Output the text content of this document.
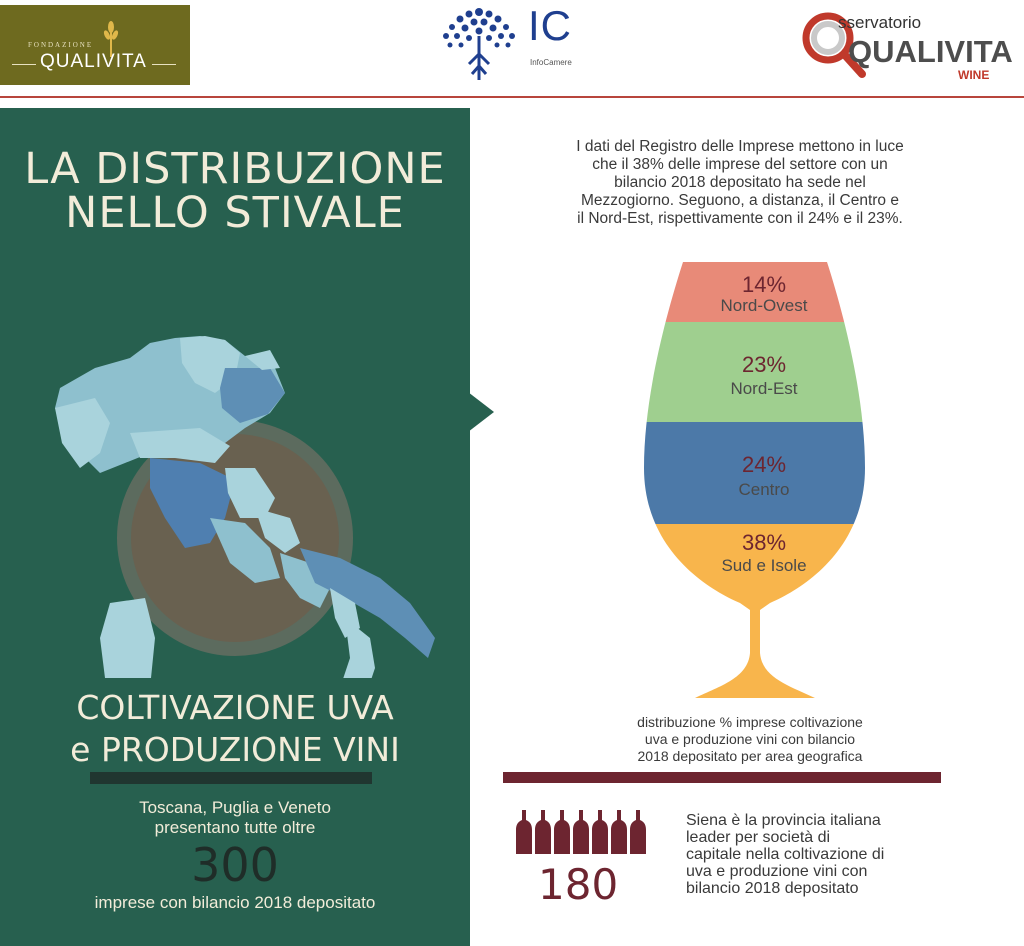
FONDAZIONE
QUALIVITA
IC
InfoCamere
sservatorio
QUALIVITA
WINE
LA DISTRIBUZIONE
NELLO STIVALE
COLTIVAZIONE UVA
e PRODUZIONE VINI
Toscana, Puglia e Veneto
presentano tutte oltre
300
imprese con bilancio 2018 depositato
I dati del Registro delle Imprese mettono in luce
che il 38% delle imprese del settore con un
bilancio 2018 depositato ha sede nel
Mezzogiorno. Seguono, a distanza, il Centro e
il Nord-Est, rispettivamente con il 24% e il 23%.
14%
Nord-Ovest
23%
Nord-Est
24%
Centro
38%
Sud e Isole
distribuzione % imprese coltivazione
uva e produzione vini con bilancio
2018 depositato per area geografica
180
Siena è la provincia italiana
leader per società di
capitale nella coltivazione di
uva e produzione vini con
bilancio 2018 depositato
